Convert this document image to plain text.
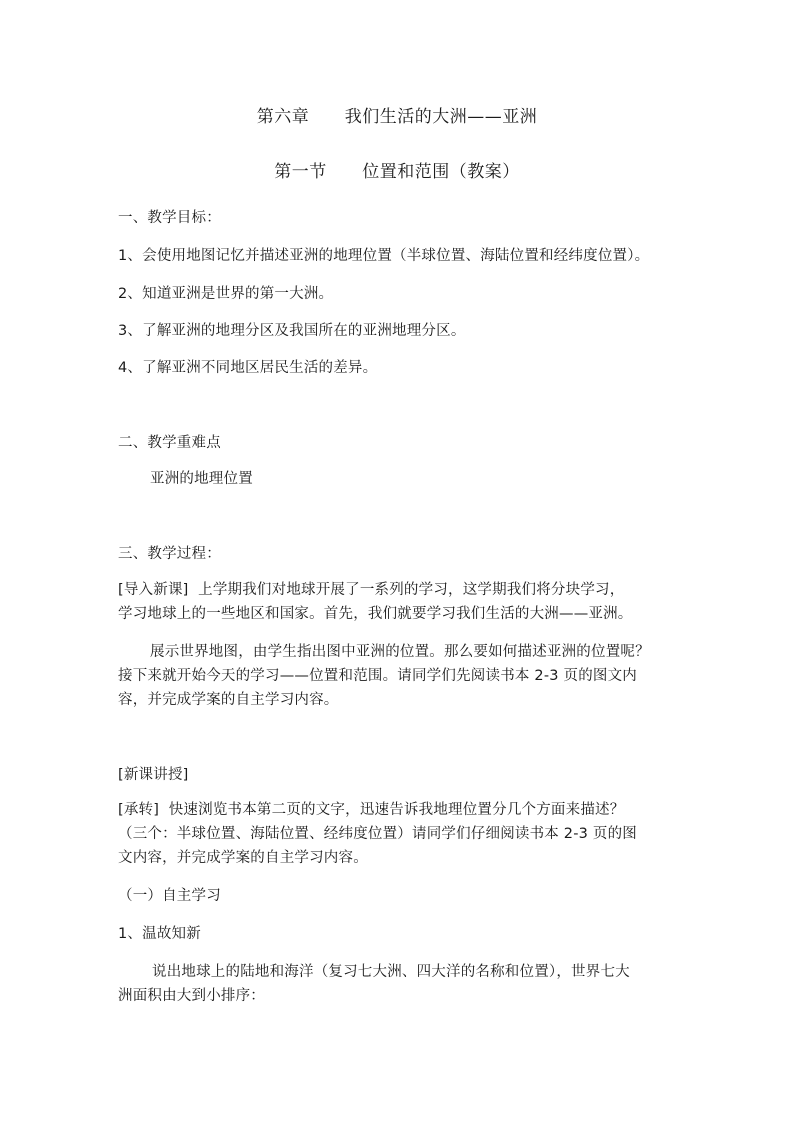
第六章      我们生活的大洲——亚洲
第一节      位置和范围（教案）
一、教学目标：
1、会使用地图记忆并描述亚洲的地理位置（半球位置、海陆位置和经纬度位置）。
2、知道亚洲是世界的第一大洲。
3、了解亚洲的地理分区及我国所在的亚洲地理分区。
4、了解亚洲不同地区居民生活的差异。
二、教学重难点
亚洲的地理位置
三、教学过程：
[导入新课]  上学期我们对地球开展了一系列的学习，这学期我们将分块学习，
学习地球上的一些地区和国家。首先，我们就要学习我们生活的大洲——亚洲。
展示世界地图，由学生指出图中亚洲的位置。那么要如何描述亚洲的位置呢？
接下来就开始今天的学习——位置和范围。请同学们先阅读书本 2-3 页的图文内
容，并完成学案的自主学习内容。
[新课讲授]
[承转]  快速浏览书本第二页的文字，迅速告诉我地理位置分几个方面来描述？
（三个：半球位置、海陆位置、经纬度位置）请同学们仔细阅读书本 2-3 页的图
文内容，并完成学案的自主学习内容。
（一）自主学习
1、温故知新
说出地球上的陆地和海洋（复习七大洲、四大洋的名称和位置），世界七大
洲面积由大到小排序：
